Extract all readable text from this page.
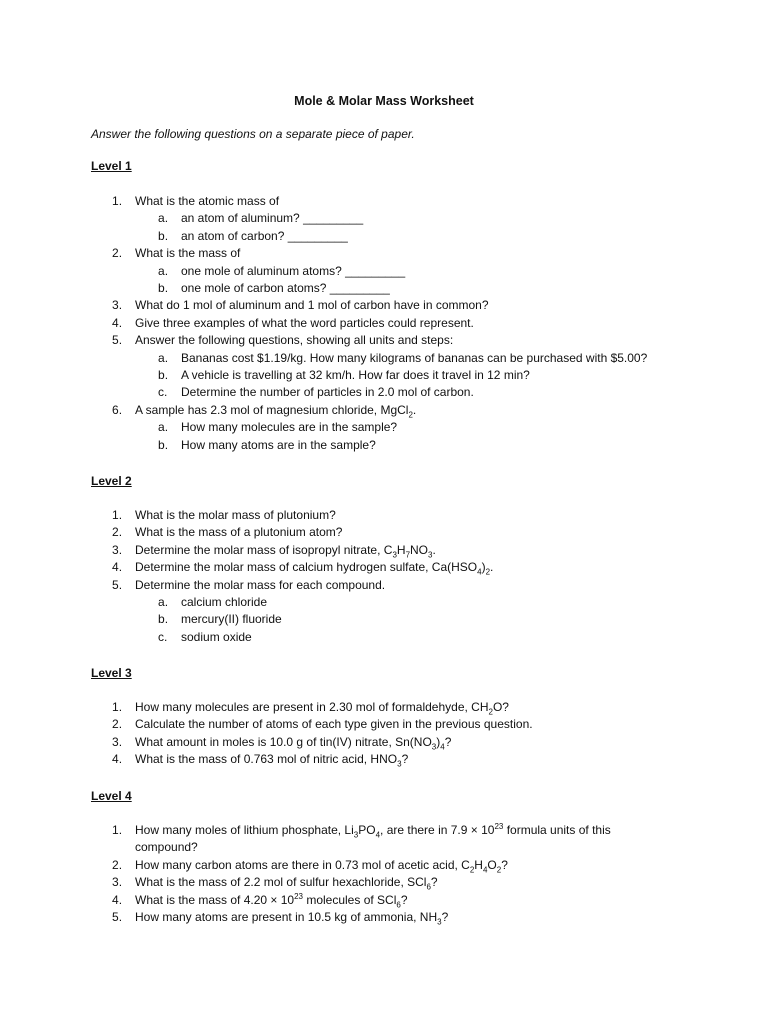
Mole & Molar Mass Worksheet
Answer the following questions on a separate piece of paper.
Level 1
1 . What is the atomic mass of
a . an atom of aluminum? _________
b . an atom of carbon? _________
2 . What is the mass of
a . one mole of aluminum atoms? _________
b . one mole of carbon atoms? _________
3 . What do 1 mol of aluminum and 1 mol of carbon have in common?
4 . Give three examples of what the word particles could represent.
5 . Answer the following questions, showing all units and steps:
a . Bananas cost $1.19/kg. How many kilograms of bananas can be purchased with $5.00?
b . A vehicle is travelling at 32 km/h. How far does it travel in 12 min?
c . Determine the number of particles in 2.0 mol of carbon.
6 . A sample has 2.3 mol of magnesium chloride, MgCl$_2$.
a . How many molecules are in the sample?
b . How many atoms are in the sample?
Level 2
1 . What is the molar mass of plutonium?
2 . What is the mass of a plutonium atom?
3 . Determine the molar mass of isopropyl nitrate, $C_3H_7NO_3$.
4 . Determine the molar mass of calcium hydrogen sulfate, $Ca(HSO_4)_2$.
5 . Determine the molar mass for each compound.
a . calcium chloride
b . mercury(II) fluoride
c . sodium oxide
Level 3
1 . How many molecules are present in 2.30 mol of formaldehyde, $CH_2O$?
2 . Calculate the number of atoms of each type given in the previous question.
3 . What amount in moles is 10.0 g of tin(IV) nitrate, $Sn(NO_3)_4$?
4 . What is the mass of 0.763 mol of nitric acid, $HNO_3$?
Level 4
1 . How many moles of lithium phosphate, $Li_3PO_4$, are there in $7.9 \times 10^{23}$ formula units of this
compound?
2 . How many carbon atoms are there in 0.73 mol of acetic acid, $C_2H_4O_2$?
3 . What is the mass of 2.2 mol of sulfur hexachloride, SCl$_6$?
4 . What is the mass of $4.20 \times 10^{23}$ molecules of SCl$_6$?
5 . How many atoms are present in 10.5 kg of ammonia, $NH_3$?
